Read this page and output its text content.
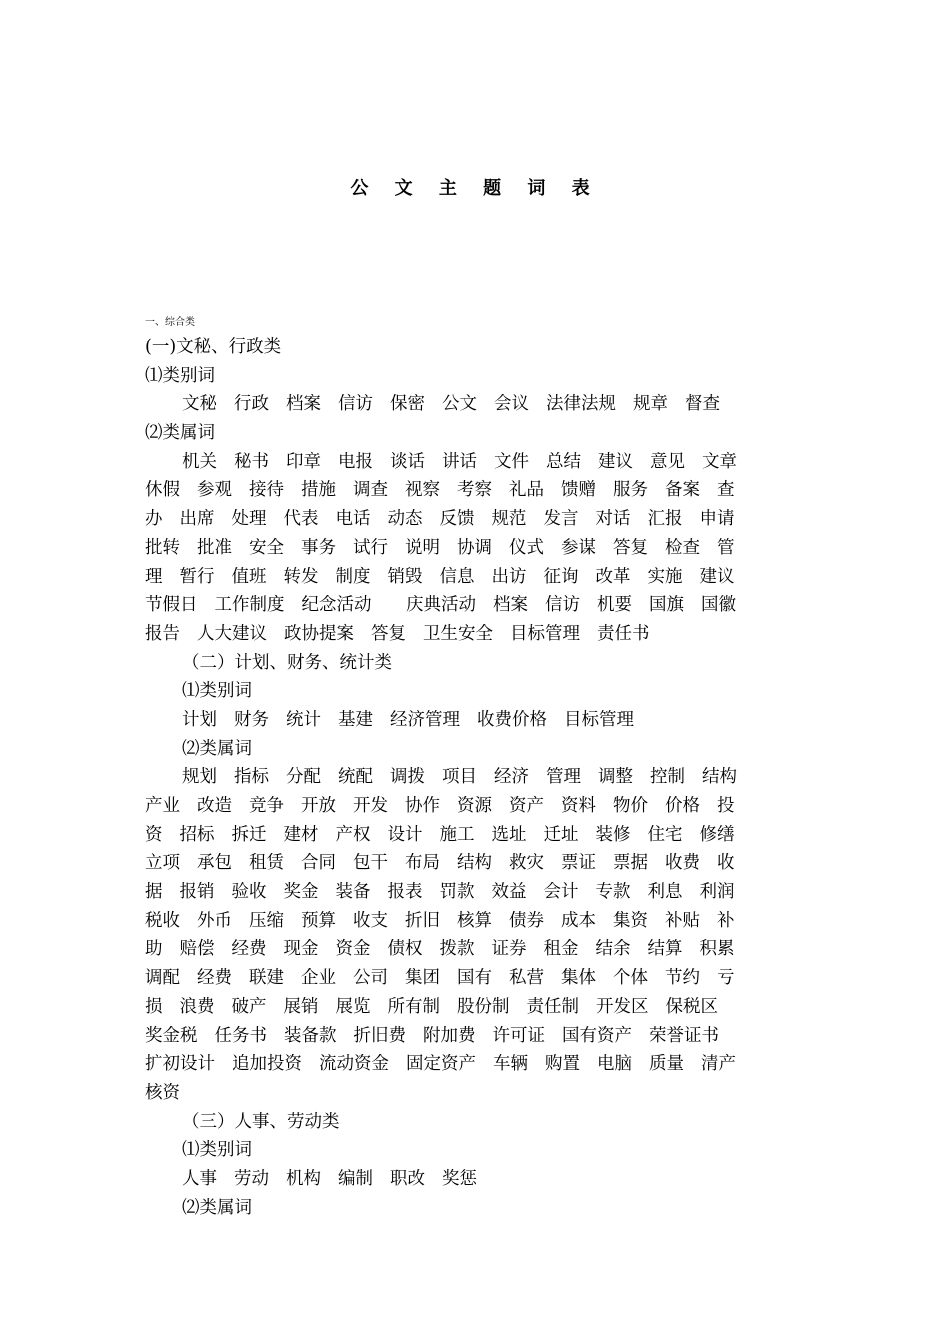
公 文 主 题 词 表
一、综合类
(一)文秘、行政类
⑴类别词
文秘 行政 档案 信访 保密 公文 会议 法律法规 规章 督查
⑵类属词
机关 秘书 印章 电报 谈话 讲话 文件 总结 建议 意见 文章
休假 参观 接待 措施 调查 视察 考察 礼品 馈赠 服务 备案 查
办 出席 处理 代表 电话 动态 反馈 规范 发言 对话 汇报 申请
批转 批准 安全 事务 试行 说明 协调 仪式 参谋 答复 检查 管
理 暂行 值班 转发 制度 销毁 信息 出访 征询 改革 实施 建议
节假日 工作制度 纪念活动　庆典活动 档案 信访 机要 国旗 国徽
报告 人大建议 政协提案 答复 卫生安全 目标管理 责任书
（二）计划、财务、统计类
⑴类别词
计划 财务 统计 基建 经济管理 收费价格 目标管理
⑵类属词
规划 指标 分配 统配 调拨 项目 经济 管理 调整 控制 结构
产业 改造 竞争 开放 开发 协作 资源 资产 资料 物价 价格 投
资 招标 拆迁 建材 产权 设计 施工 选址 迁址 装修 住宅 修缮
立项 承包 租赁 合同 包干 布局 结构 救灾 票证 票据 收费 收
据 报销 验收 奖金 装备 报表 罚款 效益 会计 专款 利息 利润
税收 外币 压缩 预算 收支 折旧 核算 债券 成本 集资 补贴 补
助 赔偿 经费 现金 资金 债权 拨款 证券 租金 结余 结算 积累
调配 经费 联建 企业 公司 集团 国有 私营 集体 个体 节约 亏
损 浪费 破产 展销 展览 所有制 股份制 责任制 开发区 保税区
奖金税 任务书 装备款 折旧费 附加费 许可证 国有资产 荣誉证书
扩初设计 追加投资 流动资金 固定资产 车辆 购置 电脑 质量 清产
核资
（三）人事、劳动类
⑴类别词
人事 劳动 机构 编制 职改 奖惩
⑵类属词
